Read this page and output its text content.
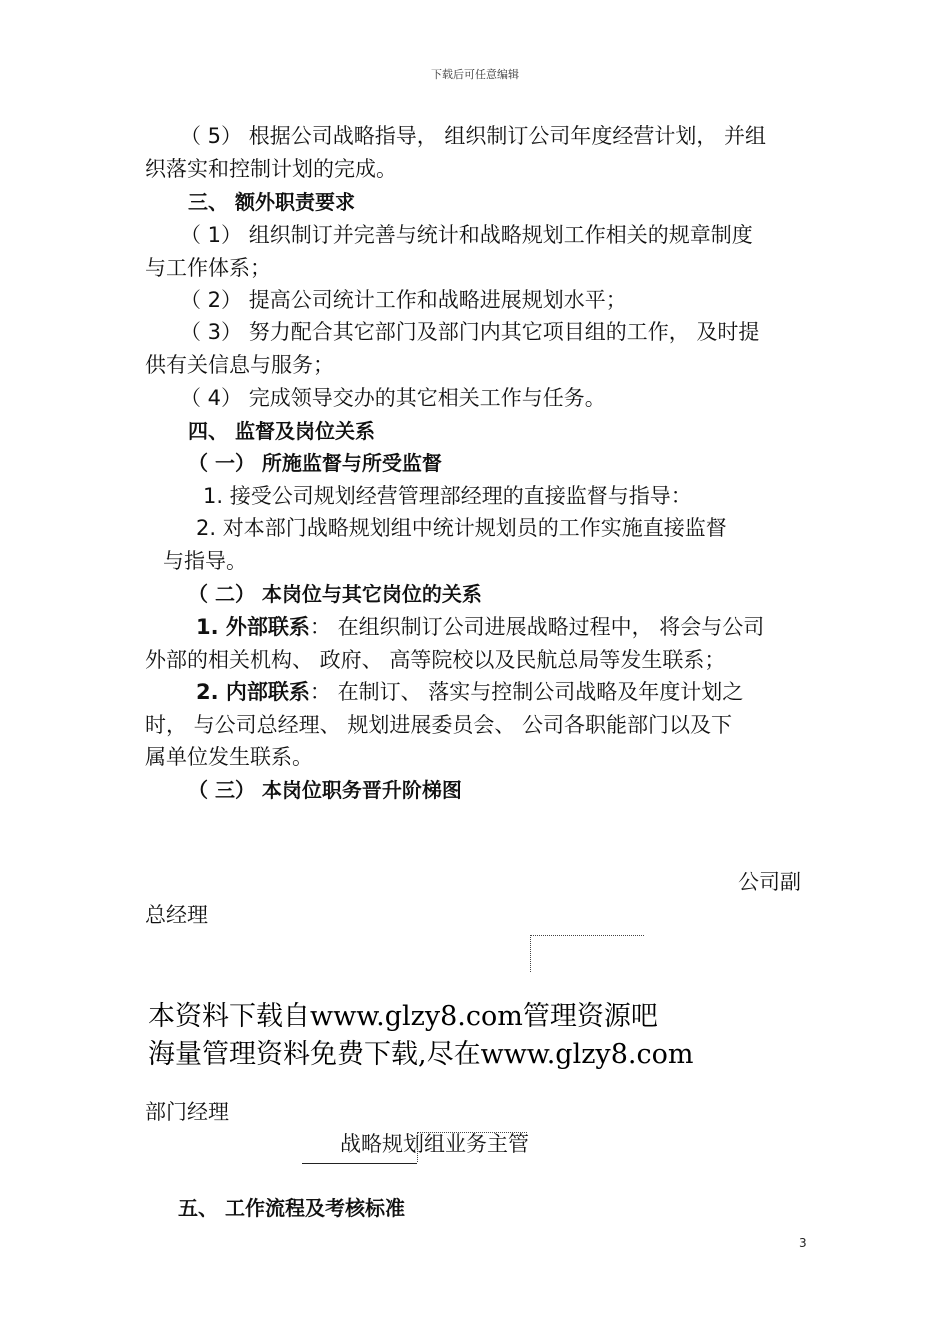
下载后可任意编辑
（ 5） 根据公司战略指导， 组织制订公司年度经营计划， 并组
织落实和控制计划的完成。
三、 额外职责要求
（ 1） 组织制订并完善与统计和战略规划工作相关的规章制度
与工作体系；
（ 2） 提高公司统计工作和战略进展规划水平；
（ 3） 努力配合其它部门及部门内其它项目组的工作， 及时提
供有关信息与服务；
（ 4） 完成领导交办的其它相关工作与任务。
四、 监督及岗位关系
（ 一） 所施监督与所受监督
1. 接受公司规划经营管理部经理的直接监督与指导：
2. 对本部门战略规划组中统计规划员的工作实施直接监督
与指导。
（ 二） 本岗位与其它岗位的关系
1. 外部联系： 在组织制订公司进展战略过程中， 将会与公司
外部的相关机构、 政府、 高等院校以及民航总局等发生联系；
2. 内部联系： 在制订、 落实与控制公司战略及年度计划之
时， 与公司总经理、 规划进展委员会、 公司各职能部门以及下
属单位发生联系。
（ 三） 本岗位职务晋升阶梯图
公司副
总经理
本资料下载自www.glzy8.com管理资源吧
海量管理资料免费下载,尽在www.glzy8.com
部门经理
战略规划组业务主管
五、 工作流程及考核标准
3
